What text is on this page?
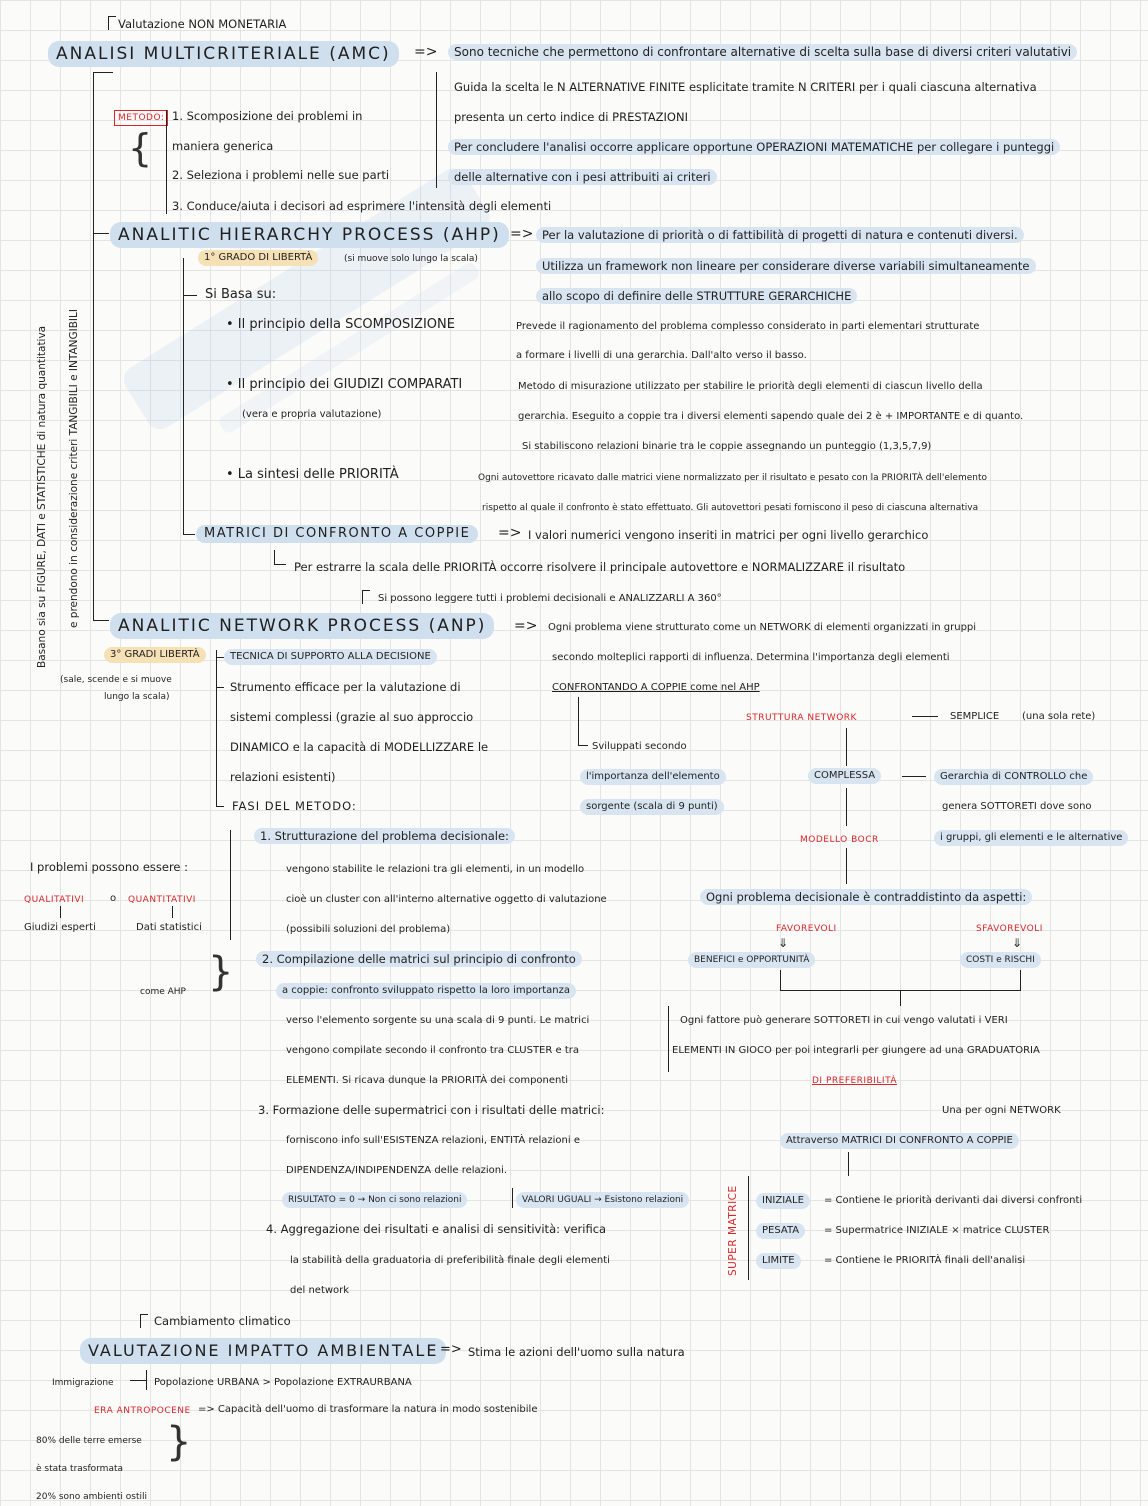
Valutazione NON MONETARIA
ANALISI MULTICRITERIALE (AMC)	=>	Sono tecniche che permettono di confrontare alternative di scelta sulla base di diversi criteri valutativi
Guida la scelta le N ALTERNATIVE FINITE esplicitate tramite N CRITERI per i quali ciascuna alternativa
presenta un certo indice di PRESTAZIONI
Per concludere l'analisi occorre applicare opportune OPERAZIONI MATEMATICHE per collegare i punteggi
delle alternative con i pesi attribuiti ai criteri
METODO: 1. Scomposizione dei problemi in
maniera generica
2. Seleziona i problemi nelle sue parti
3. Conduce/aiuta i decisori ad esprimere l'intensità degli elementi
{
Basano sia su FIGURE, DATI e STATISTICHE di natura quantitativa e prendono in considerazione criteri TANGIBILI e INTANGIBILI
ANALITIC HIERARCHY PROCESS (AHP) => Per la valutazione di priorità o di fattibilità di progetti di natura e contenuti diversi.
Utilizza un framework non lineare per considerare diverse variabili simultaneamente
allo scopo di definire delle STRUTTURE GERARCHICHE
1° GRADO DI LIBERTÀ	(si muove solo lungo la scala)
Si Basa su:
• Il principio della SCOMPOSIZIONE	Prevede il ragionamento del problema complesso considerato in parti elementari strutturate
a formare i livelli di una gerarchia. Dall'alto verso il basso.
• Il principio dei GIUDIZI COMPARATI
(vera e propria valutazione)
Metodo di misurazione utilizzato per stabilire le priorità degli elementi di ciascun livello della
gerarchia. Eseguito a coppie tra i diversi elementi sapendo quale dei 2 è + IMPORTANTE e di quanto.
Si stabiliscono relazioni binarie tra le coppie assegnando un punteggio (1,3,5,7,9)
• La sintesi delle PRIORITÀ	Ogni autovettore ricavato dalle matrici viene normalizzato per il risultato e pesato con la PRIORITÀ dell'elemento
rispetto al quale il confronto è stato effettuato. Gli autovettori pesati forniscono il peso di ciascuna alternativa
MATRICI DI CONFRONTO A COPPIE	=> I valori numerici vengono inseriti in matrici per ogni livello gerarchico
Per estrarre la scala delle PRIORITÀ occorre risolvere il principale autovettore e NORMALIZZARE il risultato
Si possono leggere tutti i problemi decisionali e ANALIZZARLI A 360°
ANALITIC NETWORK PROCESS (ANP)	=> Ogni problema viene strutturato come un NETWORK di elementi organizzati in gruppi
secondo molteplici rapporti di influenza. Determina l'importanza degli elementi
CONFRONTANDO A COPPIE come nel AHP
3° GRADI LIBERTÀ
(sale, scende e si muove
lungo la scala)
TECNICA DI SUPPORTO ALLA DECISIONE
Strumento efficace per la valutazione di
sistemi complessi (grazie al suo approccio
DINAMICO e la capacità di MODELLIZZARE le
relazioni esistenti)
FASI DEL METODO:
Sviluppati secondo
l'importanza dell'elemento
sorgente (scala di 9 punti)
STRUTTURA NETWORK	SEMPLICE (una sola rete)
COMPLESSA	Gerarchia di CONTROLLO che
genera SOTTORETI dove sono
i gruppi, gli elementi e le alternative
MODELLO BOCR
Ogni problema decisionale è contraddistinto da aspetti:
FAVOREVOLI	SFAVOREVOLI
⇓	⇓
BENEFICI e OPPORTUNITÀ	COSTI e RISCHI
Ogni fattore può generare SOTTORETI in cui vengo valutati i VERI
ELEMENTI IN GIOCO per poi integrarli per giungere ad una GRADUATORIA
DI PREFERIBILITÀ
Una per ogni NETWORK
Attraverso MATRICI DI CONFRONTO A COPPIE
SUPER MATRICE	INIZIALE	= Contiene le priorità derivanti dai diversi confronti
PESATA	= Supermatrice INIZIALE × matrice CLUSTER
LIMITE	= Contiene le PRIORITÀ finali dell'analisi
I problemi possono essere :
QUALITATIVI	o QUANTITATIVI
Giudizi esperti	Dati statistici
come AHP }
1. Strutturazione del problema decisionale:
vengono stabilite le relazioni tra gli elementi, in un modello
cioè un cluster con all'interno alternative oggetto di valutazione
(possibili soluzioni del problema)
2. Compilazione delle matrici sul principio di confronto
a coppie: confronto sviluppato rispetto la loro importanza
verso l'elemento sorgente su una scala di 9 punti. Le matrici
vengono compilate secondo il confronto tra CLUSTER e tra
ELEMENTI. Si ricava dunque la PRIORITÀ dei componenti
3. Formazione delle supermatrici con i risultati delle matrici:
forniscono info sull'ESISTENZA relazioni, ENTITÀ relazioni e
DIPENDENZA/INDIPENDENZA delle relazioni.
RISULTATO = 0 → Non ci sono relazioni	VALORI UGUALI → Esistono relazioni
4. Aggregazione dei risultati e analisi di sensitività: verifica
la stabilità della graduatoria di preferibilità finale degli elementi
del network
Cambiamento climatico
VALUTAZIONE IMPATTO AMBIENTALE => Stima le azioni dell'uomo sulla natura
Immigrazione	Popolazione URBANA > Popolazione EXTRAURBANA
ERA ANTROPOCENE => Capacità dell'uomo di trasformare la natura in modo sostenibile
80% delle terre emerse
è stata trasformata
}
20% sono ambienti ostili
